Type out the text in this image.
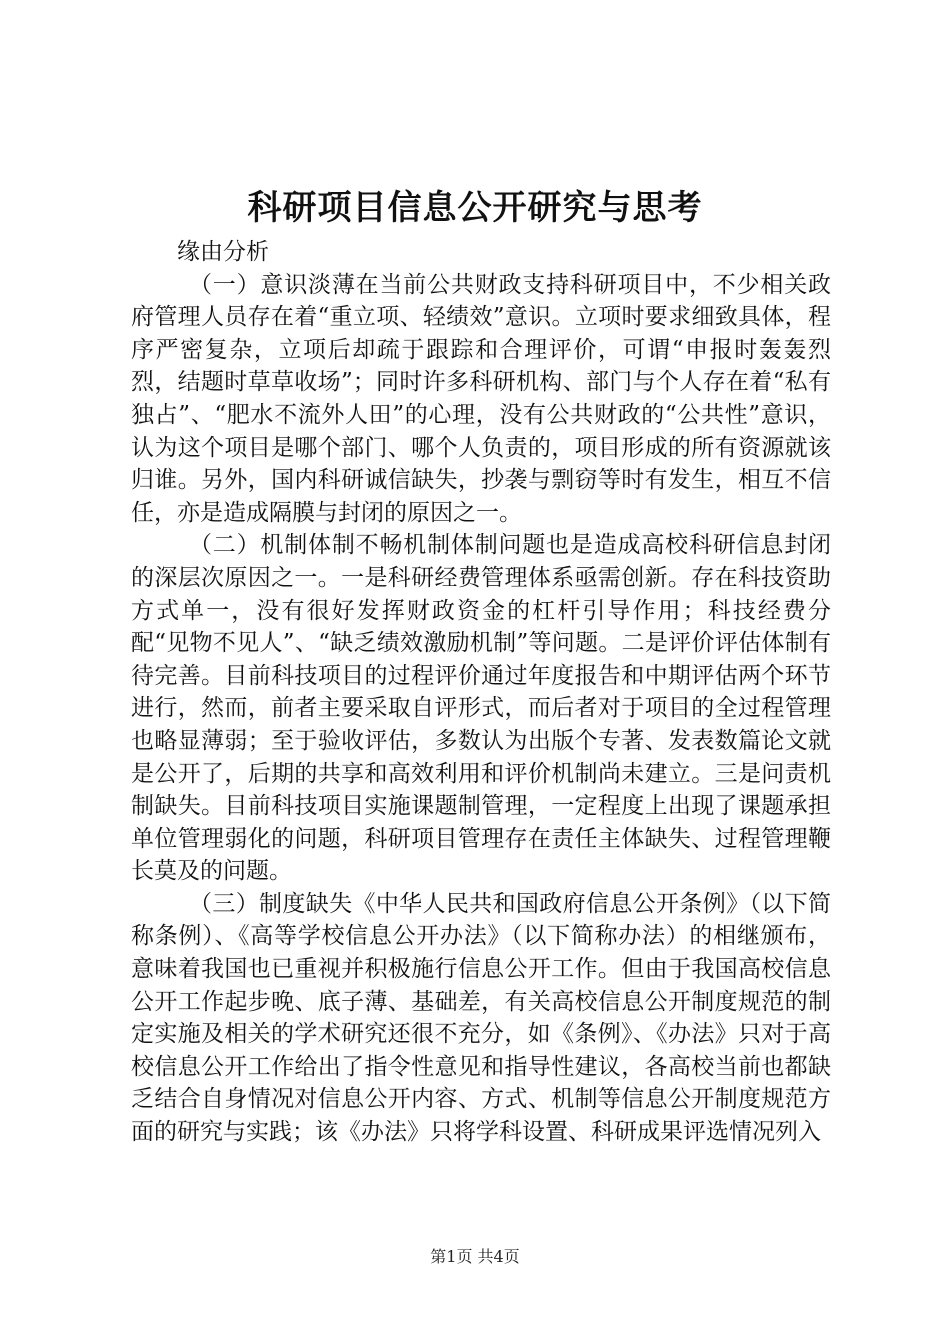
科研项目信息公开研究与思考

缘由分析

（一）意识淡薄在当前公共财政支持科研项目中，不少相关政府管理人员存在着“重立项、轻绩效”意识。立项时要求细致具体，程序严密复杂，立项后却疏于跟踪和合理评价，可谓“申报时轰轰烈烈，结题时草草收场”；同时许多科研机构、部门与个人存在着“私有独占”、“肥水不流外人田”的心理，没有公共财政的“公共性”意识，认为这个项目是哪个部门、哪个人负责的，项目形成的所有资源就该归谁。另外，国内科研诚信缺失，抄袭与剽窃等时有发生，相互不信任，亦是造成隔膜与封闭的原因之一。

（二）机制体制不畅机制体制问题也是造成高校科研信息封闭的深层次原因之一。一是科研经费管理体系亟需创新。存在科技资助方式单一，没有很好发挥财政资金的杠杆引导作用；科技经费分配“见物不见人”、“缺乏绩效激励机制”等问题。二是评价评估体制有待完善。目前科技项目的过程评价通过年度报告和中期评估两个环节进行，然而，前者主要采取自评形式，而后者对于项目的全过程管理也略显薄弱；至于验收评估，多数认为出版个专著、发表数篇论文就是公开了，后期的共享和高效利用和评价机制尚未建立。三是问责机制缺失。目前科技项目实施课题制管理，一定程度上出现了课题承担单位管理弱化的问题，科研项目管理存在责任主体缺失、过程管理鞭长莫及的问题。

（三）制度缺失《中华人民共和国政府信息公开条例》（以下简称条例）、《高等学校信息公开办法》（以下简称办法）的相继颁布，意味着我国也已重视并积极施行信息公开工作。但由于我国高校信息公开工作起步晚、底子薄、基础差，有关高校信息公开制度规范的制定实施及相关的学术研究还很不充分，如《条例》、《办法》只对于高校信息公开工作给出了指令性意见和指导性建议，各高校当前也都缺乏结合自身情况对信息公开内容、方式、机制等信息公开制度规范方面的研究与实践；该《办法》只将学科设置、科研成果评选情况列入

第1页 共4页
